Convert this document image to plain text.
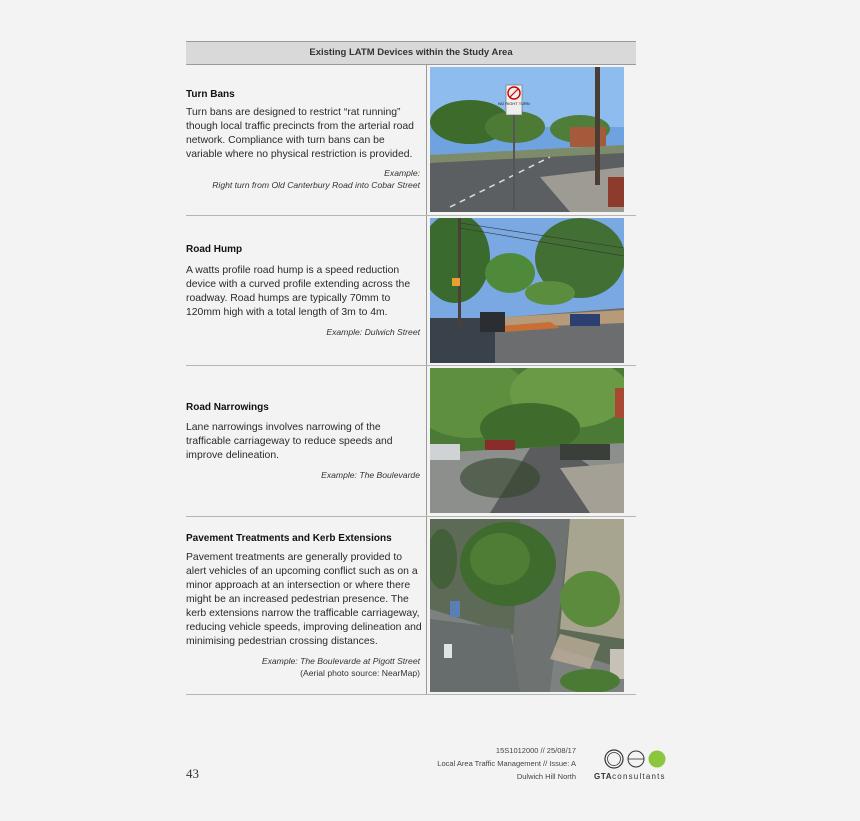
Existing LATM Devices within the Study Area
Turn Bans
Turn bans are designed to restrict “rat running” though local traffic precincts from the arterial road network. Compliance with turn bans can be variable where no physical restriction is provided.
Example:
Right turn from Old Canterbury Road into Cobar Street
NO RIGHT TURN
Road Hump
A watts profile road hump is a speed reduction device with a curved profile extending across the roadway. Road humps are typically 70mm to 120mm high with a total length of 3m to 4m.
Example: Dulwich Street
Road Narrowings
Lane narrowings involves narrowing of the trafficable carriageway to reduce speeds and improve delineation.
Example: The Boulevarde
Pavement Treatments and Kerb Extensions
Pavement treatments are generally provided to alert vehicles of an upcoming conflict such as on a minor approach at an intersection or where there might be an increased pedestrian presence. The kerb extensions narrow the trafficable carriageway, reducing vehicle speeds, improving delineation and minimising pedestrian crossing distances.
Example: The Boulevarde at Pigott Street
(Aerial photo source: NearMap)
15S1012000 // 25/08/17
Local Area Traffic Management // Issue: A
Dulwich Hill North
43	GTAconsultants
